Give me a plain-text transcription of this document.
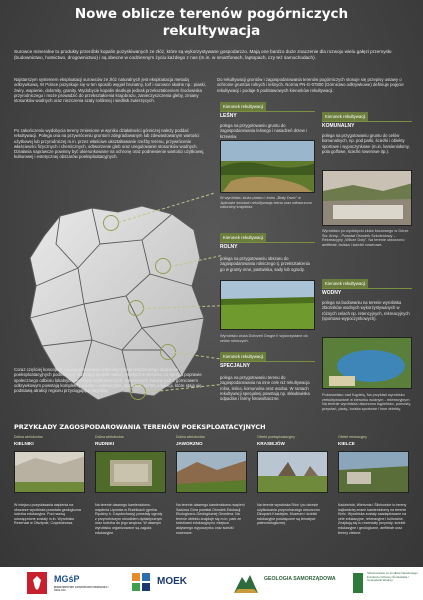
Nowe oblicze terenów pogórniczych
rekultywacja
Surowce mineralne to produkty przeróbki kopalin pozyskiwanych ze złóż, które są wykorzystywane gospodarczo. Mają one bardzo duże znaczenie dla rozwoju wielu gałęzi przemysłu (budownictwo, hutnictwo, drogownictwo) i są obecne w codziennym życiu każdego z nas (m.in. w smartfonach, laptopach, czy też samochodach).

Najstarszym systemem eksploatacji surowców ze złóż naturalnych jest eksploatacja metodą odkrywkową. W Polsce pozyskuje się w ten sposób węgiel brunatny, torf i surowce skalne np.: piaski, żwiry, wapienie, dolomity, granity. Wydobycie kopalin skutkuje jednak przekształceniem środowiska przyrodniczego i może prowadzić do przekształcenia krajobrazu, zanieczyszczenia gleby, zmiany stosunków wodnych oraz niszczenia szaty roślinnej i siedlisk zwierzęcych.

Po zakończeniu wydobycia tereny zmienione w wyniku działalności górniczej należy poddać rekultywacji. Polega ona na przywróceniu gruntom zdegradowanym lub zdewastowanym wartości użytkowej lub przyrodniczej m.in. przez właściwe ukształtowanie rzeźby terenu, przywrócenie właściwości fizycznych i chemicznych, odtworzenie gleb oraz uregulowanie stosunków wodnych. Działania naprawcze powinny być ukierunkowane na ochronę oraz podniesienie wartości użytkowej, kulturowej i estetycznej obszarów poeksploatacyjnych.

Coraz częściej koncepcje zagospodarowania urbanistyczno-przestrzennego obszarów poeksploatacyjnych podnoszą w znaczący sposób walory estetyczne terenów, co sprzyja poprawie społecznego odbioru lokalnych inwestycji wydobywczych. Na terenach związanych z górnictwem odkrywkowym powstają kompleksy wodno – rekreacyjne, sportowe, centra edukacji, które stają się podstawą atrakcji regionu przyciągającą turystów.

Do rekultywacji gruntów i zagospodarowania terenów pogórniczych stosuje się przepisy ustawy o ochronie gruntów rolnych i leśnych. Norma PN-G-07800 (Górnictwo odkrywkowe) definiuje pojęcie rekultywacji i podaje 5 podstawowych kierunków rekultywacji.
Kierunek rekultywacji
LEŚNY
polega na przygotowaniu gruntu do zagospodarowania leśnego i nasadzeń drzew i krzewów.
W wyrobisku złoża piasku i żwiru „Biały Dwór” w Jędrowie wrodach rekultywacja leśna oraz odtworzono naturalny krajobraz.
Kierunek rekultywacji
KOMUNALNY
polega na przygotowaniu gruntu do celów komunalnych, np. pod parki, ścieżki i obiekty sportowe i wypoczynkowe (m.in. kamieniołomy, pola golfowe, ścieżki rowerowe itp.).
Wyrobisko po wydobyciu złoża bruzowego w Górze Św. Anny... Powstał Ośrodek Szkoleniowy – Rekreacyjny „Wilcze Doły”. Na terenie utworzono amfiteatr, boiska i ścieżki rowerowe.
Kierunek rekultywacji
ROLNY
polega na przygotowaniu obszaru do zagospodarowania rolniczego tj. przekształcenia go w grunty orne, pastwiska, sady lub ogrody.
Wyrobisko złoża Dobrzeń Drugie II wykorzystane do celów rolniczych.
Kierunek rekultywacji
WODNY
polega na budowaniu na terenie wyrobiska zbiorników wodnych wykorzystywanych w różnych celach np. retencyjnych, rekreacyjnych (sportowo-wypoczynkowych).
Pożarowisko nad Kąpielą. Na przykład wyrobisko zrekultywowane w kierunku wodnym - rekreacyjnym. Na terenie wyrobiska utworzono kąpielisko, pomosty, przystań, plażę, boiska sportowe i inne obiekty.
Kierunek rekultywacji
SPECJALNY
polega na przygotowaniu terenu do zagospodarowania na inne cele niż rekultywacja rolna, leśna, komunalna oraz wodna. W ramach rekultywacji specjalnej powstają np. składowiska odpadów i farmy fotowoltaiczne.
PRZYKŁADY ZAGOSPODAROWANIA TERENÓW POEKSPLOATACYJNYCH
Dolina wielokrotna
KIELNIKI
W miejscu pozyskiwania wapienia na obszarze wyrobiska powstała geologiczna ścieżka edukacyjna. Pod nazwą udostępnione zostały m.in. Wyrobisko Rezerwat w Olsztynie, Częstochowa.
Dolina wielokrotna
RUDNIKI
Na terenie dawnego kamieniołomu wapienia Lipówka w Rudnikach (gmina Rędziny k. Częstochowy) powstały ogrody z przyrodniczym ośrodkiem dydaktycznym oraz ścieżka do jego wnętrza. W dawnym wyrobisku organizowane są zajęcia edukacyjne.
Dolina wielokrotna
JAWORZNO
Na terenie dawnego kamieniołomu wapieni Sadowa Góra powstał Ośrodek Edukacji Ekologiczno-Geologicznej Geosfera. Na terenie obiektu znajduje się m.in. park ze ścieżkami edukacyjnymi, miejsca aktywnego wypoczynku oraz ścieżki rowerowe.
Obiekt poeksploatacyjny
KRASIEJÓW
Na terenie wyrobiska Rów i po okresie użytkowania przyrodniczego utworzono Dinopark Krasiejów. Muzeum i ścieżki edukacyjne poświęcone są tematyce paleontologicznej.
Obiekt rekreacyjny
KIELCE
Kadzielnia, Wietrznia i Ślichowice to tereny najbardziej znane kamieniołomy na terenie Kielc. Wyrobiska zostały zaadaptowane na cele edukacyjne, rekreacyjne i kulturalne. Znajdują się tu rezerwaty przyrody, ścieżki edukacyjne i geologiczne, amfiteatr oraz tereny zielone.
MGśP
MINISTERSTWO GOSPODARKI MORSKIEJ I ŻEGLUGI
MOEK	GEOLOGIA SAMORZĄDOWA
Sfinansowano ze środków Narodowego Funduszu Ochrony Środowiska i Gospodarki Wodnej
